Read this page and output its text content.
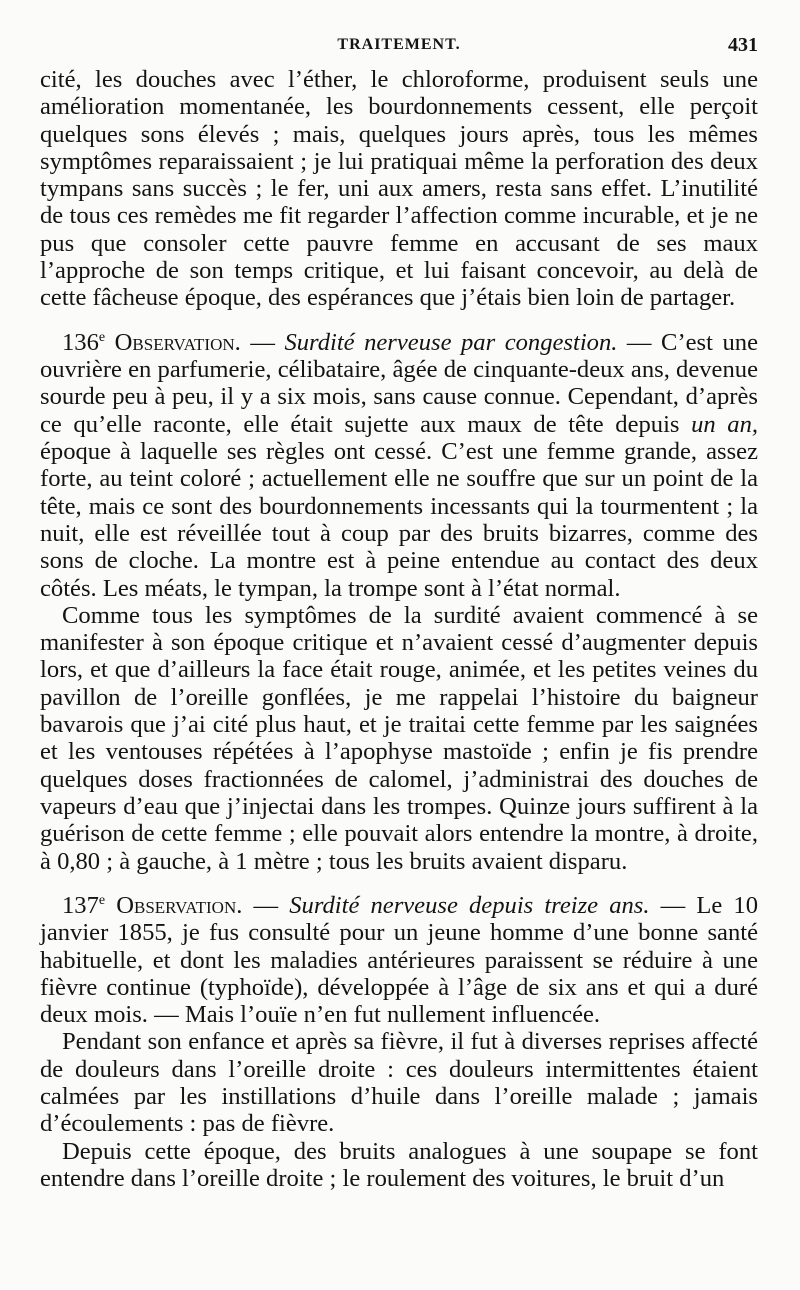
TRAITEMENT.	431

cité, les douches avec l’éther, le chloroforme, produisent seuls une amélioration momentanée, les bourdonnements cessent, elle perçoit quelques sons élevés ; mais, quelques jours après, tous les mêmes symptômes reparaissaient ; je lui pratiquai même la perforation des deux tympans sans succès ; le fer, uni aux amers, resta sans effet. L’inutilité de tous ces remèdes me fit regarder l’affection comme incurable, et je ne pus que consoler cette pauvre femme en accusant de ses maux l’approche de son temps critique, et lui faisant concevoir, au delà de cette fâcheuse époque, des espérances que j’étais bien loin de partager.

136e Observation. — Surdité nerveuse par congestion. — C’est une ouvrière en parfumerie, célibataire, âgée de cinquante-deux ans, devenue sourde peu à peu, il y a six mois, sans cause connue. Cependant, d’après ce qu’elle raconte, elle était sujette aux maux de tête depuis un an, époque à laquelle ses règles ont cessé. C’est une femme grande, assez forte, au teint coloré ; actuellement elle ne souffre que sur un point de la tête, mais ce sont des bourdonnements incessants qui la tourmentent ; la nuit, elle est réveillée tout à coup par des bruits bizarres, comme des sons de cloche. La montre est à peine entendue au contact des deux côtés. Les méats, le tympan, la trompe sont à l’état normal.

Comme tous les symptômes de la surdité avaient commencé à se manifester à son époque critique et n’avaient cessé d’augmenter depuis lors, et que d’ailleurs la face était rouge, animée, et les petites veines du pavillon de l’oreille gonflées, je me rappelai l’histoire du baigneur bavarois que j’ai cité plus haut, et je traitai cette femme par les saignées et les ventouses répétées à l’apophyse mastoïde ; enfin je fis prendre quelques doses fractionnées de calomel, j’administrai des douches de vapeurs d’eau que j’injectai dans les trompes. Quinze jours suffirent à la guérison de cette femme ; elle pouvait alors entendre la montre, à droite, à 0,80 ; à gauche, à 1 mètre ; tous les bruits avaient disparu.

137e Observation. — Surdité nerveuse depuis treize ans. — Le 10 janvier 1855, je fus consulté pour un jeune homme d’une bonne santé habituelle, et dont les maladies antérieures paraissent se réduire à une fièvre continue (typhoïde), développée à l’âge de six ans et qui a duré deux mois. — Mais l’ouïe n’en fut nullement influencée.

Pendant son enfance et après sa fièvre, il fut à diverses reprises affecté de douleurs dans l’oreille droite : ces douleurs intermittentes étaient calmées par les instillations d’huile dans l’oreille malade ; jamais d’écoulements : pas de fièvre.

Depuis cette époque, des bruits analogues à une soupape se font entendre dans l’oreille droite ; le roulement des voitures, le bruit d’un
